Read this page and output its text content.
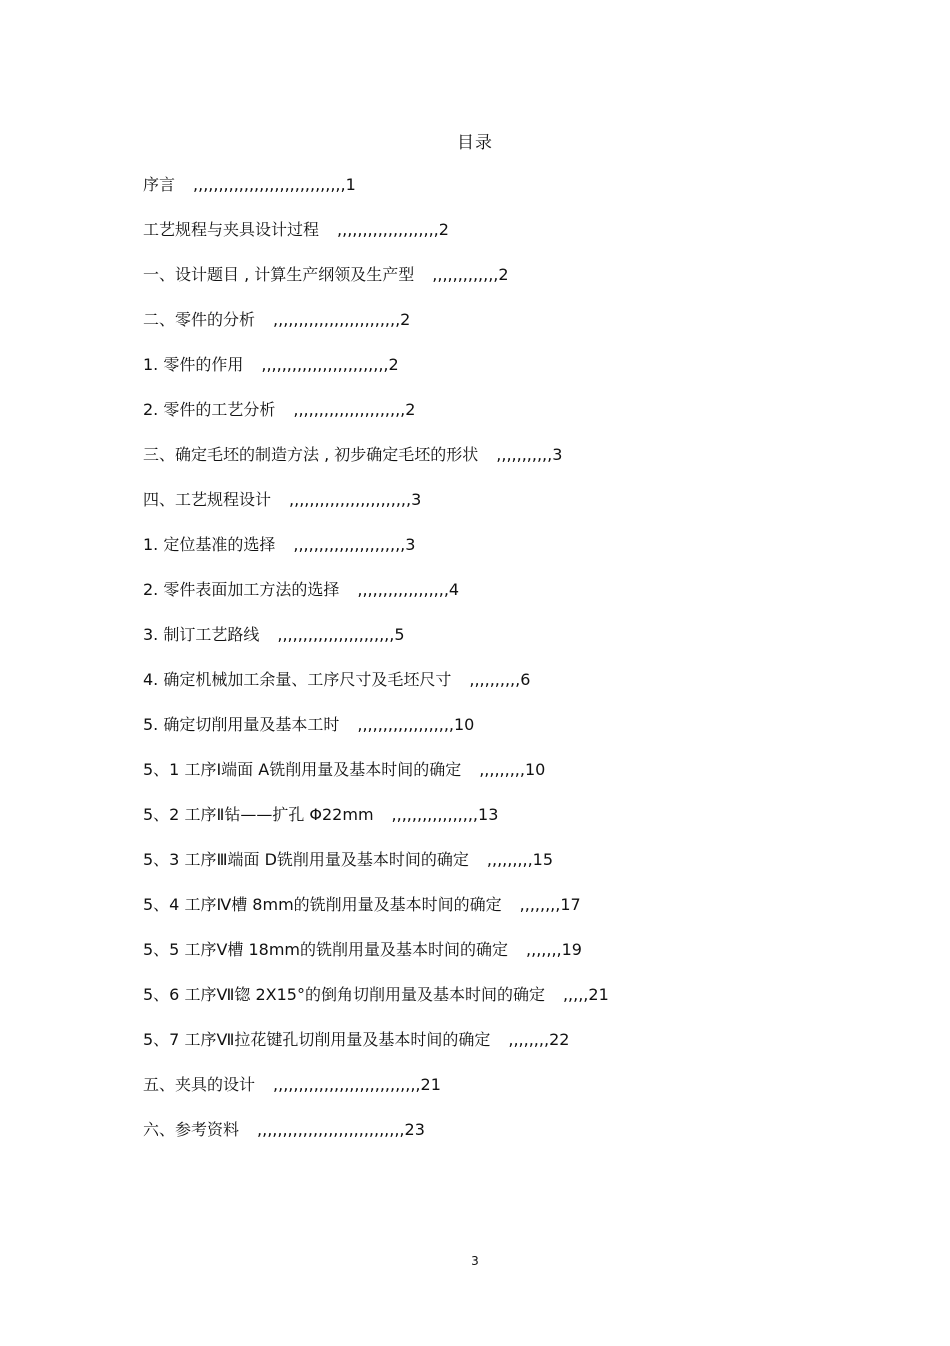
目录
序言 ,,,,,,,,,,,,,,,,,,,,,,,,,,,,,,1
工艺规程与夹具设计过程 ,,,,,,,,,,,,,,,,,,,,2
一、设计题目 , 计算生产纲领及生产型 ,,,,,,,,,,,,,2
二、零件的分析 ,,,,,,,,,,,,,,,,,,,,,,,,,2
1. 零件的作用 ,,,,,,,,,,,,,,,,,,,,,,,,,2
2. 零件的工艺分析 ,,,,,,,,,,,,,,,,,,,,,,2
三、确定毛坯的制造方法 , 初步确定毛坯的形状 ,,,,,,,,,,,3
四、工艺规程设计 ,,,,,,,,,,,,,,,,,,,,,,,,3
1. 定位基准的选择 ,,,,,,,,,,,,,,,,,,,,,,3
2. 零件表面加工方法的选择 ,,,,,,,,,,,,,,,,,,4
3. 制订工艺路线 ,,,,,,,,,,,,,,,,,,,,,,,5
4. 确定机械加工余量、工序尺寸及毛坯尺寸 ,,,,,,,,,,6
5. 确定切削用量及基本工时 ,,,,,,,,,,,,,,,,,,,10
5、1 工序Ⅰ端面 A铣削用量及基本时间的确定 ,,,,,,,,,10
5、2 工序Ⅱ钻——扩孔 Φ22mm ,,,,,,,,,,,,,,,,,13
5、3 工序Ⅲ端面 D铣削用量及基本时间的确定 ,,,,,,,,,15
5、4 工序Ⅳ槽 8mm的铣削用量及基本时间的确定 ,,,,,,,,17
5、5 工序Ⅴ槽 18mm的铣削用量及基本时间的确定 ,,,,,,,19
5、6 工序Ⅶ锪 2X15°的倒角切削用量及基本时间的确定 ,,,,,21
5、7 工序Ⅶ拉花键孔切削用量及基本时间的确定 ,,,,,,,,22
五、夹具的设计 ,,,,,,,,,,,,,,,,,,,,,,,,,,,,,21
六、参考资料 ,,,,,,,,,,,,,,,,,,,,,,,,,,,,,23
3
